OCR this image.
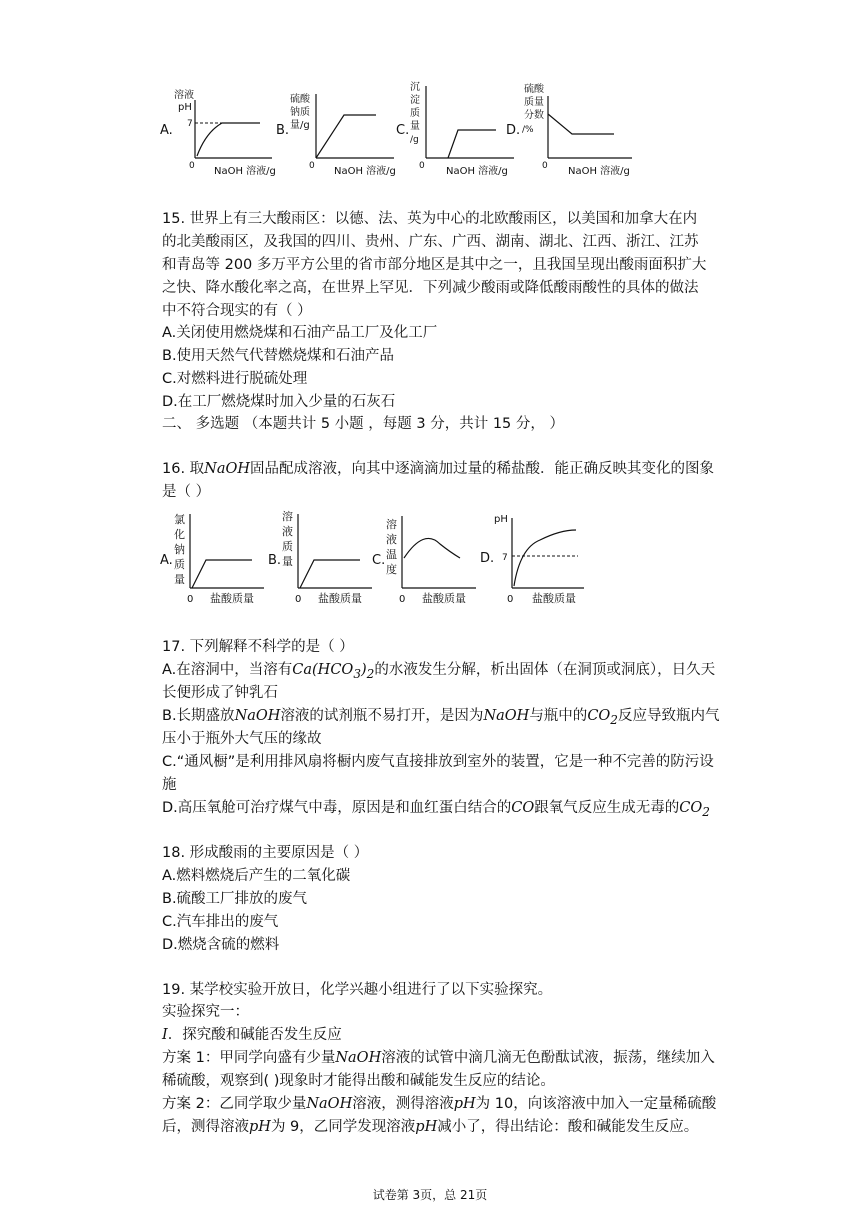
A.
溶液
pH
7
0 NaOH 溶液/g
B.
硫酸
钠质
量/g
0 NaOH 溶液/g
C.
沉
淀
质
量
/g
0 NaOH 溶液/g
D.
硫酸
质量
分数
/%
0 NaOH 溶液/g
15. 世界上有三大酸雨区：以德、法、英为中心的北欧酸雨区，以美国和加拿大在内
的北美酸雨区，及我国的四川、贵州、广东、广西、湖南、湖北、江西、浙江、江苏
和青岛等 200 多万平方公里的省市部分地区是其中之一，且我国呈现出酸雨面积扩大
之快、降水酸化率之高，在世界上罕见．下列减少酸雨或降低酸雨酸性的具体的做法
中不符合现实的有（ ）
A.关闭使用燃烧煤和石油产品工厂及化工厂
B.使用天然气代替燃烧煤和石油产品
C.对燃料进行脱硫处理
D.在工厂燃烧煤时加入少量的石灰石
二、 多选题 （本题共计 5 小题 ，每题 3 分，共计 15 分， ）
16. 取NaOH固品配成溶液，向其中逐滴滴加过量的稀盐酸．能正确反映其变化的图象
是（ ）
A.
氯
化
钠
质
量
0 盐酸质量
B.
溶
液
质
量
0 盐酸质量
C.
溶
液
温
度
0 盐酸质量
D.
pH
7
0 盐酸质量
17. 下列解释不科学的是（ ）
A.在溶洞中，当溶有$Ca(HCO_3)_2$的水液发生分解，析出固体（在洞顶或洞底），日久天
长便形成了钟乳石
B.长期盛放NaOH溶液的试剂瓶不易打开，是因为NaOH与瓶中的$CO_2$反应导致瓶内气
压小于瓶外大气压的缘故
C.“通风橱”是利用排风扇将橱内废气直接排放到室外的装置，它是一种不完善的防污设
施
D.高压氧舱可治疗煤气中毒，原因是和血红蛋白结合的CO跟氧气反应生成无毒的$CO_2$
18. 形成酸雨的主要原因是（ ）
A.燃料燃烧后产生的二氧化碳
B.硫酸工厂排放的废气
C.汽车排出的废气
D.燃烧含硫的燃料
19. 某学校实验开放日，化学兴趣小组进行了以下实验探究。
实验探究一：
I．探究酸和碱能否发生反应
方案 1：甲同学向盛有少量NaOH溶液的试管中滴几滴无色酚酞试液，振荡，继续加入
稀硫酸，观察到( )现象时才能得出酸和碱能发生反应的结论。
方案 2：乙同学取少量NaOH溶液，测得溶液pH为 10，向该溶液中加入一定量稀硫酸
后，测得溶液pH为 9，乙同学发现溶液pH减小了，得出结论：酸和碱能发生反应。
试卷第 3页，总 21页
